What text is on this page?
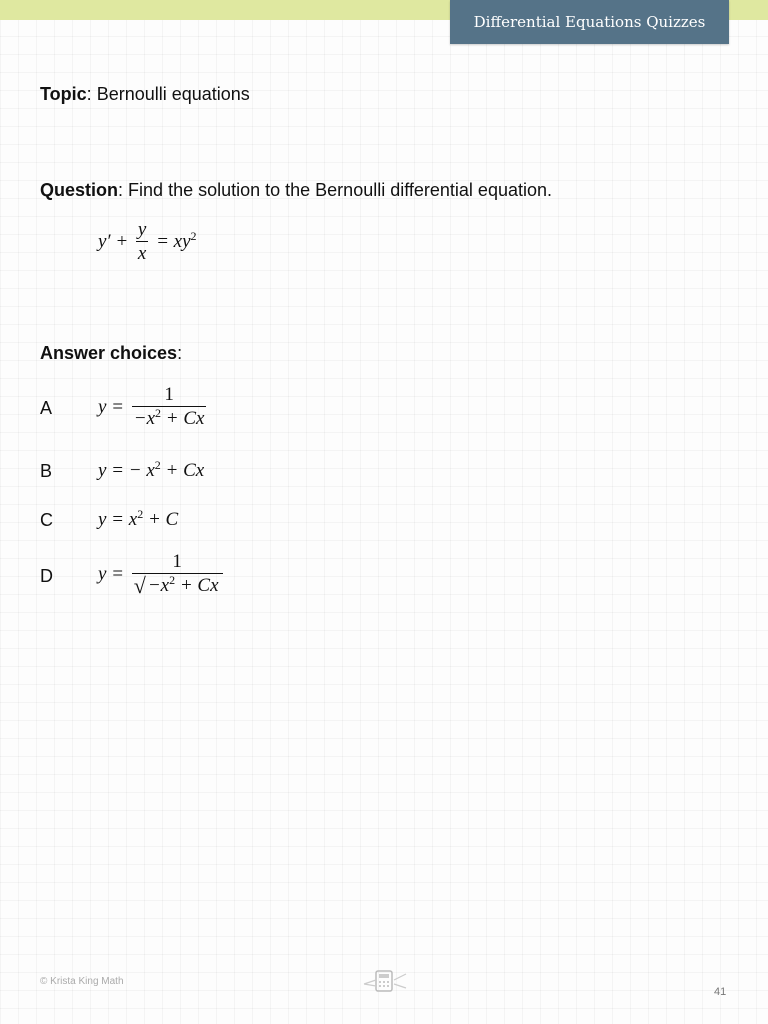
Differential Equations Quizzes
Topic: Bernoulli equations
Question: Find the solution to the Bernoulli differential equation.
$y' + \frac{y}{x} = xy^2$
Answer choices:
A $y = \frac{1}{-x^2 + Cx}$
B y = − $x^2 + Cx$
C $y = x^2 + C$
D $y = \frac{1}{√ -x^2 + Cx}$
© Krista King Math
41
